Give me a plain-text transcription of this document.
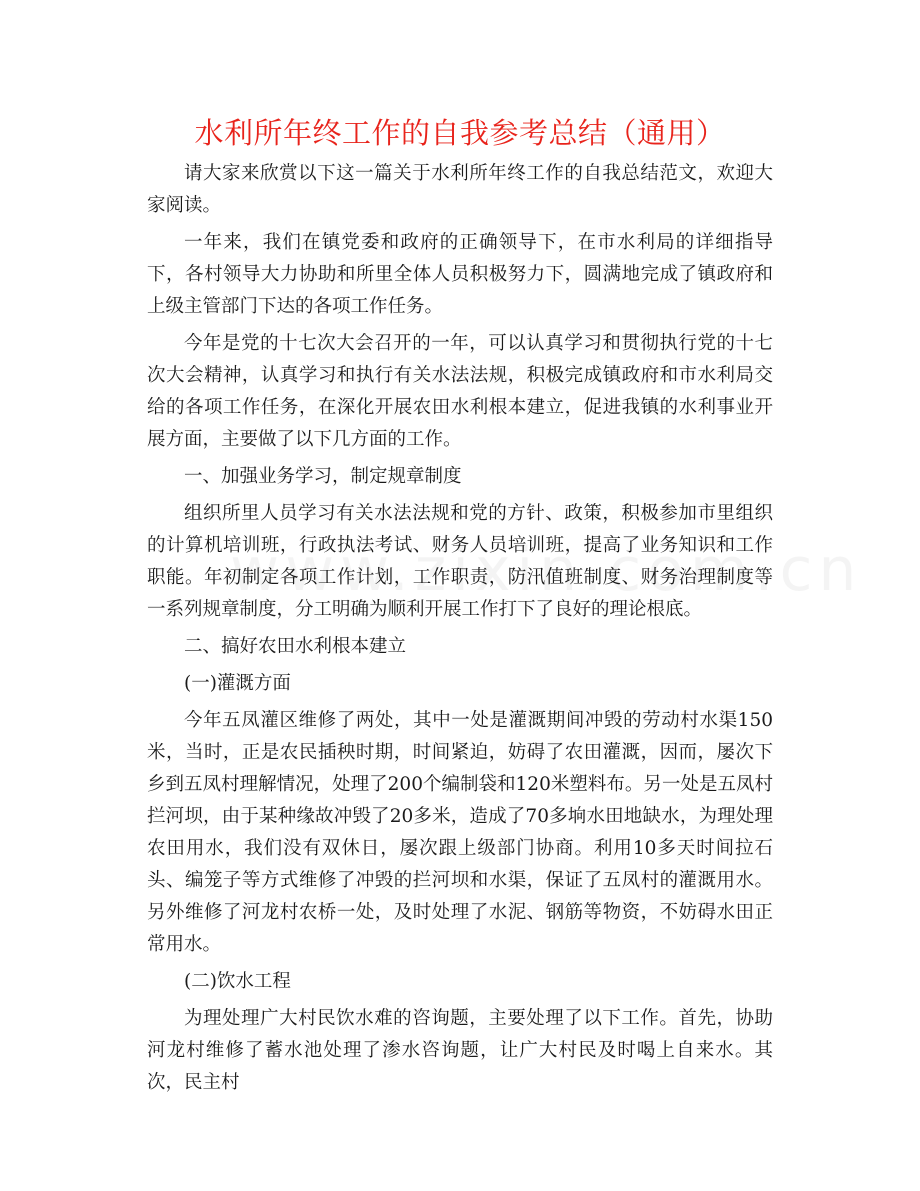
水利所年终工作的自我参考总结（通用）

请大家来欣赏以下这一篇关于水利所年终工作的自我总结范文，欢迎大家阅读。

一年来，我们在镇党委和政府的正确领导下，在市水利局的详细指导下，各村领导大力协助和所里全体人员积极努力下，圆满地完成了镇政府和上级主管部门下达的各项工作任务。

今年是党的十七次大会召开的一年，可以认真学习和贯彻执行党的十七次大会精神，认真学习和执行有关水法法规，积极完成镇政府和市水利局交给的各项工作任务，在深化开展农田水利根本建立，促进我镇的水利事业开展方面，主要做了以下几方面的工作。

一、加强业务学习，制定规章制度

组织所里人员学习有关水法法规和党的方针、政策，积极参加市里组织的计算机培训班，行政执法考试、财务人员培训班，提高了业务知识和工作职能。年初制定各项工作计划，工作职责，防汛值班制度、财务治理制度等一系列规章制度，分工明确为顺利开展工作打下了良好的理论根底。

二、搞好农田水利根本建立

(一)灌溉方面

今年五凤灌区维修了两处，其中一处是灌溉期间冲毁的劳动村水渠150米，当时，正是农民插秧时期，时间紧迫，妨碍了农田灌溉，因而，屡次下乡到五凤村理解情况，处理了200个编制袋和120米塑料布。另一处是五凤村拦河坝，由于某种缘故冲毁了20多米，造成了70多垧水田地缺水，为理处理农田用水，我们没有双休日，屡次跟上级部门协商。利用10多天时间拉石头、编笼子等方式维修了冲毁的拦河坝和水渠，保证了五凤村的灌溉用水。另外维修了河龙村农桥一处，及时处理了水泥、钢筋等物资，不妨碍水田正常用水。

(二)饮水工程

为理处理广大村民饮水难的咨询题，主要处理了以下工作。首先，协助河龙村维修了蓄水池处理了渗水咨询题，让广大村民及时喝上自来水。其次，民主村
